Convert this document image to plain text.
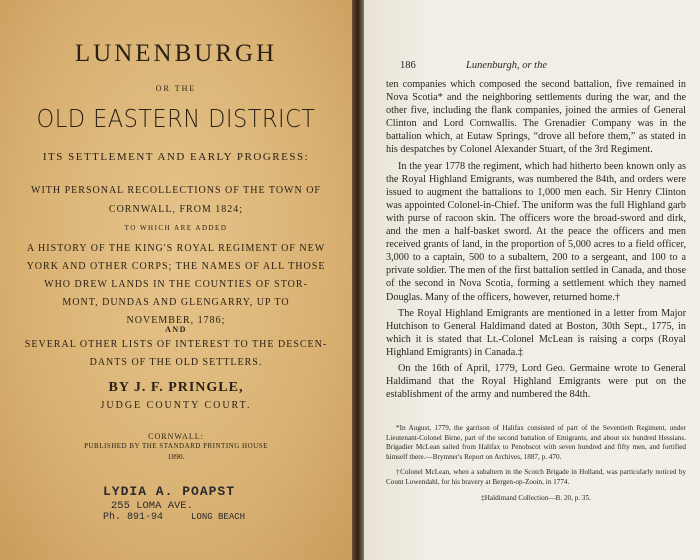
LUNENBURGH
OR THE
OLD EASTERN DISTRICT
ITS SETTLEMENT AND EARLY PROGRESS:
WITH PERSONAL RECOLLECTIONS OF THE TOWN OF
CORNWALL, FROM 1824;
TO WHICH ARE ADDED
A HISTORY OF THE KING'S ROYAL REGIMENT OF NEW
YORK AND OTHER CORPS; THE NAMES OF ALL THOSE
WHO DREW LANDS IN THE COUNTIES OF STOR-
MONT, DUNDAS AND GLENGARRY, UP TO
NOVEMBER, 1786;
AND
SEVERAL OTHER LISTS OF INTEREST TO THE DESCEN-
DANTS OF THE OLD SETTLERS.
BY J. F. PRINGLE,
JUDGE COUNTY COURT.
CORNWALL:
PUBLISHED BY THE STANDARD PRINTING HOUSE
1890.
LYDIA A. POAPST
255 LOMA AVE.
Ph. 891-94	LONG BEACH
186	Lunenburgh, or the

ten companies which composed the second battalion, five remained in Nova Scotia* and the neighboring settlements during the war, and the other five, including the flank companies, joined the armies of General Clinton and Lord Cornwallis. The Grenadier Company was in the battalion which, at Eutaw Springs, “drove all before them,” as stated in his despatches by Colonel Alexander Stuart, of the 3rd Regiment.

In the year 1778 the regiment, which had hitherto been known only as the Royal Highland Emigrants, was numbered the 84th, and orders were issued to augment the battalions to 1,000 men each. Sir Henry Clinton was appointed Colonel-in-Chief. The uniform was the full Highland garb with purse of racoon skin. The officers wore the broad-sword and dirk, and the men a half-basket sword. At the peace the officers and men received grants of land, in the proportion of 5,000 acres to a field officer, 3,000 to a captain, 500 to a subaltern, 200 to a sergeant, and 100 to a private soldier. The men of the first battalion settled in Canada, and those of the second in Nova Scotia, forming a settlement which they named Douglas. Many of the officers, however, returned home.†

The Royal Highland Emigrants are mentioned in a letter from Major Hutchison to General Haldimand dated at Boston, 30th Sept., 1775, in which it is stated that Lt.-Colonel McLean is raising a corps (Royal Highland Emigrants) in Canada.‡

On the 16th of April, 1779, Lord Geo. Germaine wrote to General Haldimand that the Royal Highland Emigrants were put on the establishment of the army and numbered the 84th.

*In August, 1779, the garrison of Halifax consisted of part of the Seventieth Regiment, under Lieutenant-Colonel Birne, part of the second battalion of Emigrants, and about six hundred Hessians. Brigadier McLean sailed from Halifax to Penobscot with seven hundred and fifty men, and fortified himself there.—Brymner's Report on Archives, 1887, p. 470.

†Colonel McLean, when a subaltern in the Scotch Brigade in Holland, was particularly noticed by Count Lowendahl, for his bravery at Bergen-op-Zooin, in 1774.

‡Haldimand Collection—B. 20, p. 35.
